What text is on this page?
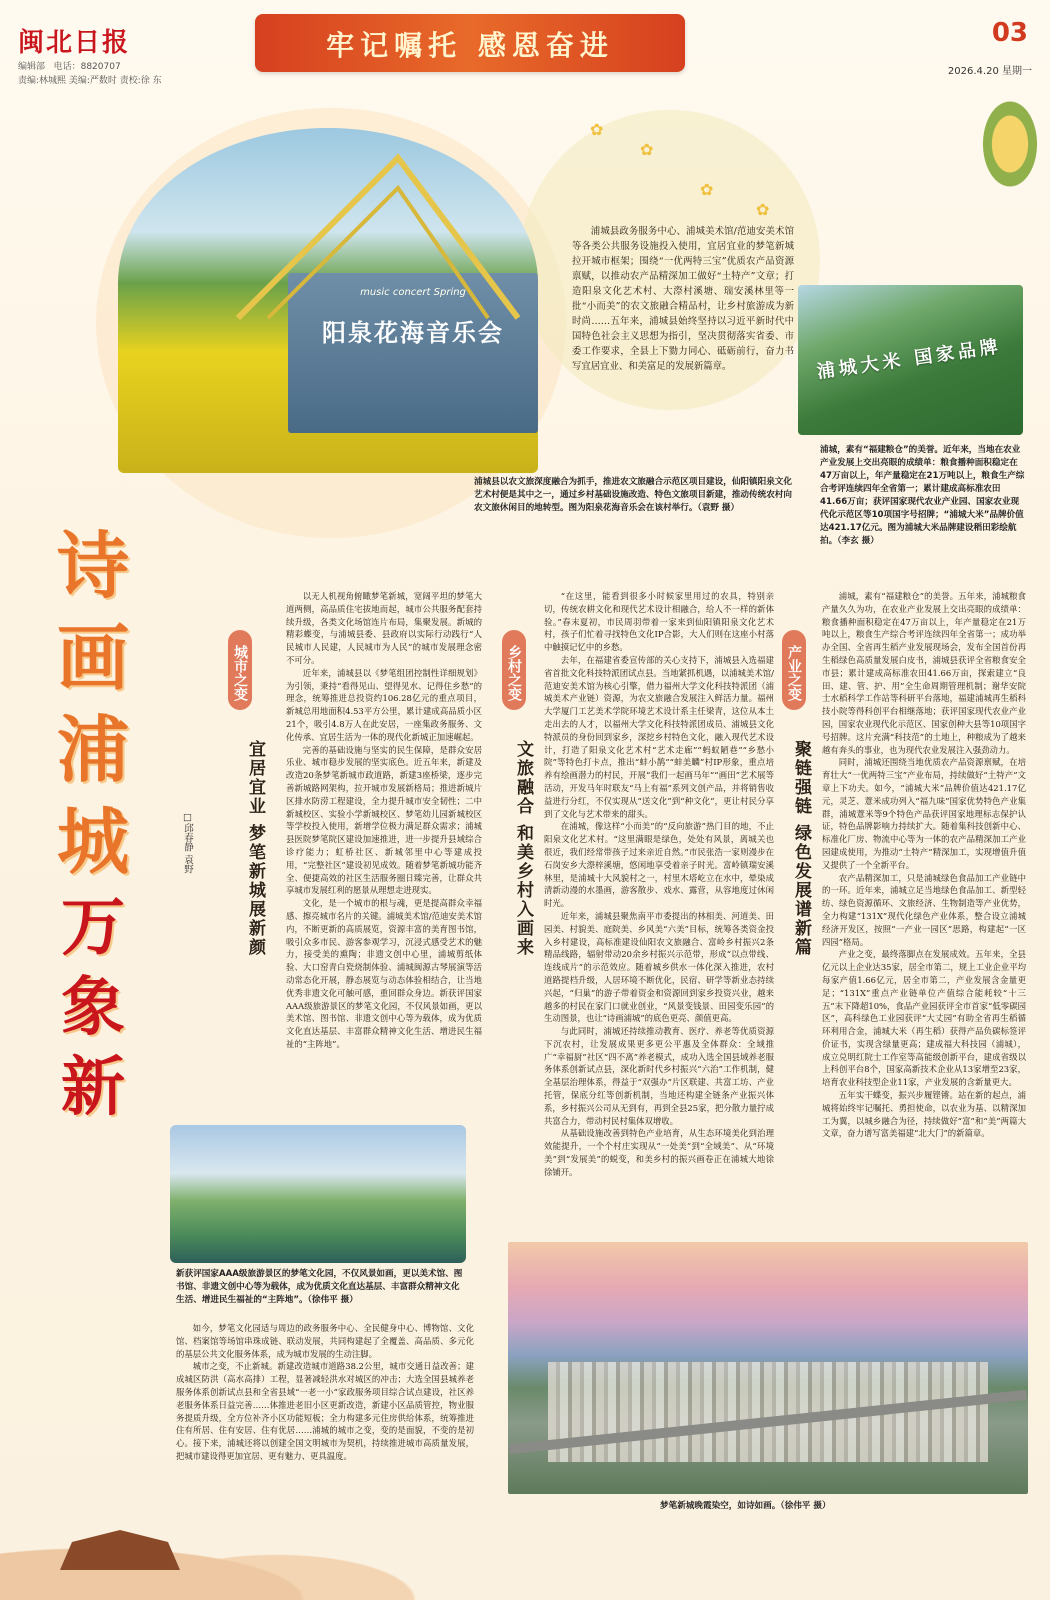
✿
✿
✿
✿
闽北日报
编辑部 电话：8820707
责编:林城熙 美编:严数时 责校:徐 东
牢记嘱托 感恩奋进	03
2026.4.20 星期一
music concert Spring
阳泉花海音乐会
浦城县政务服务中心、浦城美术馆/范迪安美术馆等各类公共服务设施投入使用，宜居宜业的梦笔新城拉开城市框架；围绕“一优两特三宝”优质农产品资源禀赋，以推动农产品精深加工做好“土特产”文章；打造阳泉文化艺术村、大漈村溪塘、瑞安溪林里等一批“小而美”的农文旅融合精品村，让乡村旅游成为新时尚……五年来，浦城县始终坚持以习近平新时代中国特色社会主义思想为指引，坚决贯彻落实省委、市委工作要求，全县上下勠力同心、砥砺前行，奋力书写宜居宜业、和美富足的发展新篇章。
浦城县以农文旅深度融合为抓手，推进农文旅融合示范区项目建设，仙阳镇阳泉文化艺术村便是其中之一，通过乡村基础设施改造、特色文旅项目新建，推动传统农村向农文旅休闲目的地转型。图为阳泉花海音乐会在该村举行。（袁野 摄）
浦城大米 国家品牌
浦城，素有“福建粮仓”的美誉。近年来，当地在农业产业发展上交出亮眼的成绩单：粮食播种面积稳定在47万亩以上，年产量稳定在21万吨以上，粮食生产综合考评连续四年全省第一；累计建成高标准农田41.66万亩；获评国家现代农业产业园、国家农业现代化示范区等10项国字号招牌；“浦城大米”品牌价值达421.17亿元。图为浦城大米品牌建设稻田彩绘航拍。（李玄 摄）
诗
画
浦
城
万
象
新
□邱春静 袁野
城市之变
宜居宜业 梦笔新城展新颜

以无人机视角俯瞰梦笔新城，宽阔平坦的梦笔大道两侧，高品质住宅拔地而起，城市公共服务配套持续升级，各类文化场馆连片布局，集聚发展。新城的精彩蝶变，与浦城县委、县政府以实际行动践行“人民城市人民建，人民城市为人民”的城市发展理念密不可分。

近年来，浦城县以《梦笔组团控制性详细规划》为引领，秉持“看得见山、望得见水、记得住乡愁”的理念，统筹推进总投资约106.28亿元的重点项目，新城总用地面积4.53平方公里，累计建成高品质小区21个，吸引4.8万人在此安居，一座集政务服务、文化传承、宜居生活为一体的现代化新城正加速崛起。

完善的基础设施与坚实的民生保障，是群众安居乐业、城市稳步发展的坚实底色。近五年来，新建及改造20条梦笔新城市政道路，新建3座桥梁，逐步完善新城路网架构，拉开城市发展新格局；推进新城片区排水防涝工程建设，全力提升城市安全韧性；二中新城校区、实验小学新城校区、梦笔幼儿园新城校区等学校投入使用，新增学位极力满足群众需求；浦城县医院梦笔院区建设加速推进，进一步提升县域综合诊疗能力；虹桥社区、新城邻里中心等建成投用，“完整社区”建设初见成效。随着梦笔新城功能齐全、便捷高效的社区生活服务圈日臻完善，让群众共享城市发展红利的愿景从理想走进现实。

文化，是一个城市的根与魂，更是提高群众幸福感、擦亮城市名片的关键。浦城美术馆/范迪安美术馆内，不断更新的高质展览，资源丰富的美育图书馆，吸引众多市民、游客参观学习，沉浸式感受艺术的魅力，接受美的熏陶；非遗文创中心里，浦城剪纸体验、大口窑青白瓷烧制体验、浦城闽源古琴展演等活动常态化开展，静态展览与动态体验相结合，让当地优秀非遗文化可触可感，重回群众身边。新获评国家AAA级旅游景区的梦笔文化园，不仅风景如画，更以美术馆、图书馆、非遗文创中心等为载体，成为优质文化直达基层、丰富群众精神文化生活、增进民生福祉的“主阵地”。

新获评国家AAA级旅游景区的梦笔文化园，不仅风景如画，更以美术馆、图书馆、非遗文创中心等为载体，成为优质文化直达基层、丰富群众精神文化生活、增进民生福祉的“主阵地”。（徐伟平 摄）

如今，梦笔文化园适与周边的政务服务中心、全民健身中心、博物馆、文化馆、档案馆等场馆串珠成链、联动发展，共同构建起了全覆盖、高品质、多元化的基层公共文化服务体系，成为城市发展的生动注脚。

城市之变，不止新城。新建改造城市道路38.2公里，城市交通日益改善；建成城区防洪（高水高排）工程，显著减轻洪水对城区的冲击；大选全国县城养老服务体系创新试点县和全省县域“一老一小”家政服务项目综合试点建设，社区养老服务体系日益完善……体推进老旧小区更新改造，新建小区品质管控，物业服务提质升级，全方位补齐小区功能短板；全力构建多元住房供给体系，统筹推进住有所居、住有安居、住有优居……浦城的城市之变，变的是面貌，不变的是初心。接下来，浦城还将以创建全国文明城市为契机，持续推进城市高质量发展，把城市建设得更加宜居、更有魅力、更具温度。

乡村之变
文旅融合 和美乡村入画来

“在这里，能看到很多小时候家里用过的农具，特别亲切，传统农耕文化和现代艺术设计相融合，给人不一样的新体验。”春末夏初，市民周羽带着一家来到仙阳镇阳泉文化艺术村，孩子们忙着寻找特色文化IP合影，大人们则在这座小村落中触摸记忆中的乡愁。

去年，在福建省委宣传部的关心支持下，浦城县入选福建省首批文化科技特派团试点县。当地紧抓机遇，以浦城美术馆/范迪安美术馆为核心引擎，借力福州大学文化科技特派团（浦城美术产业链）资源，为农文旅融合发展注入鲜活力量。福州大学厦门工艺美术学院环境艺术设计系主任梁青，这位从本土走出去的人才，以福州大学文化科技特派团成员、浦城县文化特派员的身份回到家乡，深挖乡村特色文化，融入现代艺术设计，打造了阳泉文化艺术村“艺术走廊”“蚂蚁陋巷”“乡愁小院”等特色打卡点，推出“蚌小鹊”“蚌美麟”村IP形象，重点培养有绘画潜力的村民，开展“我们一起画马年”“画田”艺术展等活动，开发马年时联友“马上有福”系列文创产品，并将销售收益进行分红，不仅实现从“送文化”到“种文化”，更让村民分享到了文化与艺术带来的甜头。

在浦城，像这样“小而美”的“反向旅游”热门目的地，不止阳泉文化艺术村。“这里满眼是绿色，处处有风景，离城关也很近，我们经常带孩子过来亲近自然。”市民张浩一家则漫步在石岗安乡大漈梓溪塘，悠闲地享受着亲子时光。富岭镇瑞安溪林里，是浦城十大风貌村之一，村里木塔屹立在水中，晕染成清新动漫的水墨画，游客散步、戏水、露营，从容地度过休闲时光。

近年来，浦城县聚焦南平市委提出的林相美、河道美、田园美、村貌美、庭院美、乡风美“六美”目标，统筹各类资金投入乡村建设，高标准建设仙阳农文旅融合、富岭乡村振兴2条精品线路，辐射带动20余乡村振兴示范带，形成“以点带线、连线成片”的示范效应。随着城乡供水一体化深入推进，农村道路提档升级，人居环境不断优化，民宿、研学等新业态持续兴起，“归巢”的游子带着资金和资源回到家乡投资兴业，越来越多的村民在家门口就业创业，“风景变钱景、田园变乐园”的生动图景，也让“诗画浦城”的底色更亮、颜值更高。

与此同时，浦城还持续推动教育、医疗、养老等优质资源下沉农村，让发展成果更多更公平惠及全体群众：全域推广“幸福厨”社区“四不离”养老模式，成功入选全国县域养老服务体系创新试点县，深化新时代乡村振兴“六治”工作机制，健全基层治理体系，得益于“双强办”片区联建、共富工坊、产业托管，保底分红等创新机制，当地还构建全链条产业振兴体系，乡村振兴公司从无到有，再到全县25家，把分散力量拧成共富合力，带动村民村集体双增收。

从基础设施改善到特色产业培育，从生态环境美化到治理效能提升，一个个村庄实现从“一处美”到“全域美”、从“环境美”到“发展美”的蜕变，和美乡村的振兴画卷正在浦城大地徐徐铺开。

产业之变
聚链强链 绿色发展谱新篇

浦城，素有“福建粮仓”的美誉。五年来，浦城粮食产量久久为功，在农业产业发展上交出亮眼的成绩单：粮食播种面积稳定在47万亩以上，年产量稳定在21万吨以上，粮食生产综合考评连续四年全省第一；成功举办全国、全省再生稻产业发展现场会，发布全国首份再生稻绿色高质量发展白皮书，浦城县获评全省粮食安全市县；累计建成高标准农田41.66万亩，探索建立“良田、建、管、护、用”全生命周期管理机制；谢华安院士水稻科学工作站等科研平台落地，福建浦城再生稻科技小院等得科创平台相继落地；获评国家现代农业产业园，国家农业现代化示范区、国家创种大县等10项国字号招牌。这片充满“科技范”的土地上，种粮成为了越来越有奔头的事业，也为现代农业发展注入强劲动力。

同时，浦城还围绕当地优质农产品资源禀赋，在培育壮大“一优两特三宝”产业布局，持续做好“土特产”文章上下功夫。如今，“浦城大米”品牌价值达421.17亿元，灵芝、薏米成功列入“福九味”国家优势特色产业集群，浦城薏米等9个特色产品获评国家地理标志保护认证，特色品牌影响力持续扩大。随着集科技创新中心、标准化厂房、物流中心等为一体的农产品精深加工产业园建成使用，为推动“土特产”精深加工，实现增值升值又提供了一个全新平台。

农产品精深加工，只是浦城绿色食品加工产业链中的一环。近年来，浦城立足当地绿色食品加工、新型轻纺、绿色资源循环、文旅经济、生物制造等产业优势，全力构建“131X”现代化绿色产业体系，整合设立浦城经济开发区，按照“一产业一园区”思路，构建起“一区四园”格局。

产业之变，最终落脚点在发展成效。五年来，全县亿元以上企业达35家，居全市第二，规上工业企业平均每家产值1.66亿元，居全市第二，产业发展含金量更足；“131X”重点产业链单位产值综合能耗较“十三五”末下降超10%，食品产业园获评全市首家“低零碳园区”，高科绿色工业园获评“大丈园”有助全省再生稻循环利用合金，浦城大米（再生稻）获得产品负碳标签评价证书，实现含绿量更高；建成福大科技园（浦城），成立兑明红院士工作室等高能级创新平台，建成省级以上科创平台8个，国家高新技术企业从13家增至23家，培育农业科技型企业11家，产业发展的含新量更大。

五年实干蝶变，振兴步履铿锵。站在新的起点，浦城将始终牢记嘱托、勇担使命，以农业为基、以精深加工为翼，以城乡融合为径，持续做好“富”和“美”两篇大文章，奋力谱写富美福建“北大门”的新篇章。

梦笔新城晚霞染空，如诗如画。（徐伟平 摄）
